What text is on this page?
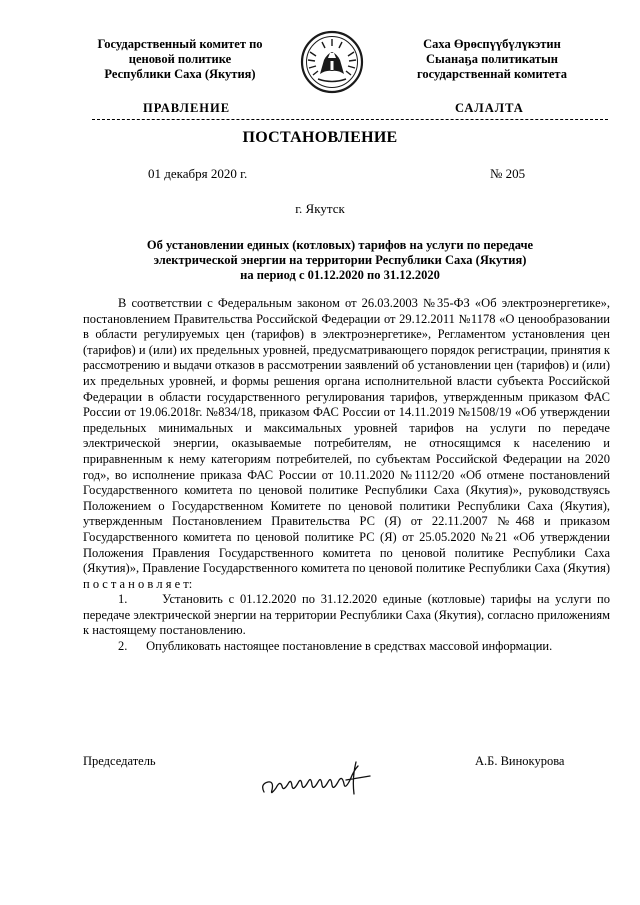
Государственный комитет по
ценовой политике
Республики Саха (Якутия)
Саха Өрөспүүбүлүкэтин
Сыанаҕа политикатын
государственнай комитета
ПРАВЛЕНИЕ	САЛАЛТА
ПОСТАНОВЛЕНИЕ
01 декабря 2020 г.	№ 205
г. Якутск
Об установлении единых (котловых) тарифов на услуги по передаче
электрической энергии на территории Республики Саха (Якутия)
на период с 01.12.2020 по 31.12.2020

В соответствии с Федеральным законом от 26.03.2003 №35-ФЗ «Об электроэнергетике», постановлением Правительства Российской Федерации от 29.12.2011 №1178 «О ценообразовании в области регулируемых цен (тарифов) в электроэнергетике», Регламентом установления цен (тарифов) и (или) их предельных уровней, предусматривающего порядок регистрации, принятия к рассмотрению и выдачи отказов в рассмотрении заявлений об установлении цен (тарифов) и (или) их предельных уровней, и формы решения органа исполнительной власти субъекта Российской Федерации в области государственного регулирования тарифов, утвержденным приказом ФАС России от 19.06.2018г. №834/18, приказом ФАС России от 14.11.2019 №1508/19 «Об утверждении предельных минимальных и максимальных уровней тарифов на услуги по передаче электрической энергии, оказываемые потребителям, не относящимся к населению и приравненным к нему категориям потребителей, по субъектам Российской Федерации на 2020 год», во исполнение приказа ФАС России от 10.11.2020 №1112/20 «Об отмене постановлений Государственного комитета по ценовой политике Республики Саха (Якутия)», руководствуясь Положением о Государственном Комитете по ценовой политики Республики Саха (Якутия), утвержденным Постановлением Правительства РС (Я) от 22.11.2007 №468 и приказом Государственного комитета по ценовой политике РС (Я) от 25.05.2020 №21 «Об утверждении Положения Правления Государственного комитета по ценовой политике Республики Саха (Якутия)», Правление Государственного комитета по ценовой политике Республики Саха (Якутия) п о с т а н о в л я е т:

1.      Установить с 01.12.2020 по 31.12.2020 единые (котловые) тарифы на услуги по передаче электрической энергии на территории Республики Саха (Якутия), согласно приложениям к настоящему постановлению.

2.      Опубликовать настоящее постановление в средствах массовой информации.

Председатель	А.Б. Винокурова
